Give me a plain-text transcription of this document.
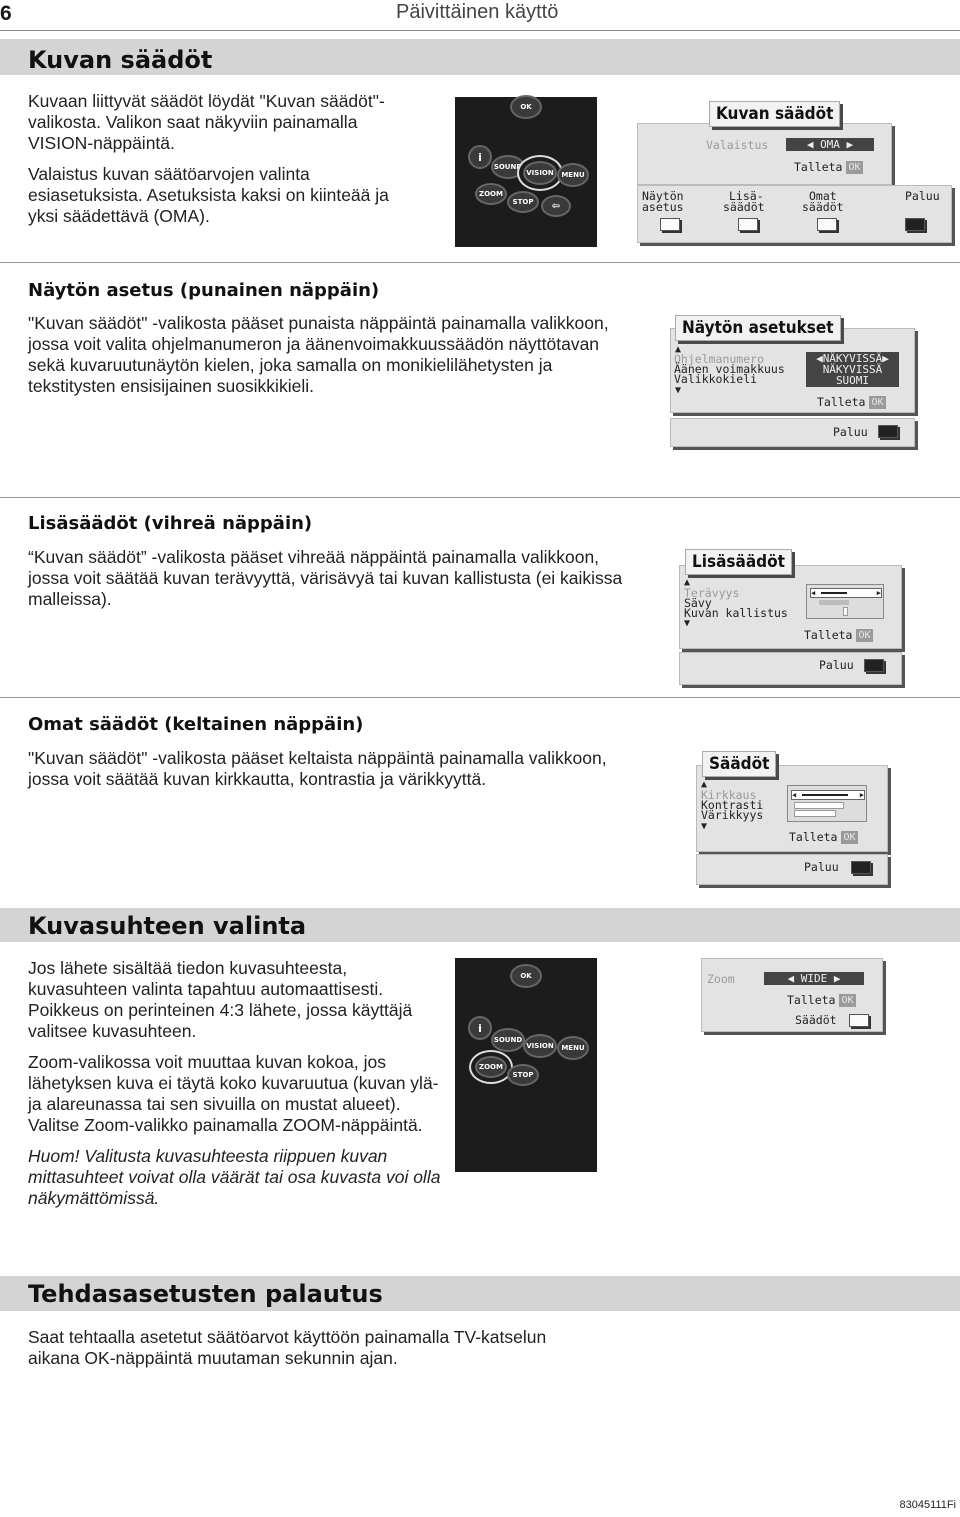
6	Päivittäinen käyttö
Kuvan säädöt

Kuvaan liittyvät säädöt löydät "Kuvan säädöt"-valikosta. Valikon saat näkyviin painamalla VISION-näppäintä.

Valaistus kuvan säätöarvojen valinta esiasetuksista. Asetuksista kaksi on kiinteää ja yksi säädettävä (OMA).

OK
i
SOUND
VISION MENU
ZOOM
STOP ⇦
Kuvan säädöt
Valaistus	◀ OMA ▶
Talleta OK
Näytön
asetus
Lisä-
säädöt
Omat
säädöt
Paluu
Näytön asetus (punainen näppäin)
"Kuvan säädöt" -valikosta pääset punaista näppäintä painamalla valikkoon, jossa voit valita ohjelmanumeron ja äänenvoimakkuussäädön näyttötavan sekä kuvaruutunäytön kielen, joka samalla on monikielilähetysten ja tekstitysten ensisijainen suosikkikieli.
Näytön asetukset
▲
Ohjelmanumero
Äänen voimakkuus
Valikkokieli
▼
◀NÄKYVISSÄ▶
NÄKYVISSÄ
SUOMI
Talleta OK
Paluu
Lisäsäädöt (vihreä näppäin)
“Kuvan säädöt” -valikosta pääset vihreää näppäintä painamalla valikkoon, jossa voit säätää kuvan terävyyttä, värisävyä tai kuvan kallistusta (ei kaikissa malleissa).
Lisäsäädöt
▲
Terävyys
Sävy
Kuvan kallistus
▼
◀	▶
Talleta OK
Paluu
Omat säädöt (keltainen näppäin)
"Kuvan säädöt" -valikosta pääset keltaista näppäintä painamalla valikkoon, jossa voit säätää kuvan kirkkautta, kontrastia ja värikkyyttä.
Säädöt
▲
Kirkkaus
Kontrasti
Värikkyys
▼
◀	▶
Talleta OK
Paluu
Kuvasuhteen valinta

Jos lähete sisältää tiedon kuvasuhteesta, kuvasuhteen valinta tapahtuu automaattisesti. Poikkeus on perinteinen 4:3 lähete, jossa käyttäjä valitsee kuvasuhteen.

Zoom-valikossa voit muuttaa kuvan kokoa, jos lähetyksen kuva ei täytä koko kuvaruutua (kuvan ylä- ja alareunassa tai sen sivuilla on mustat alueet). Valitse Zoom-valikko painamalla ZOOM-näppäintä.

Huom! Valitusta kuvasuhteesta riippuen kuvan mittasuhteet voivat olla väärät tai osa kuvasta voi olla näkymättömissä.

OK
i
SOUND
VISION MENU
ZOOM
STOP
Zoom	◀ WIDE ▶
Talleta OK
Säädöt
Tehdasasetusten palautus
Saat tehtaalla asetetut säätöarvot käyttöön painamalla TV-katselun aikana OK-näppäintä muutaman sekunnin ajan.
83045111Fi
